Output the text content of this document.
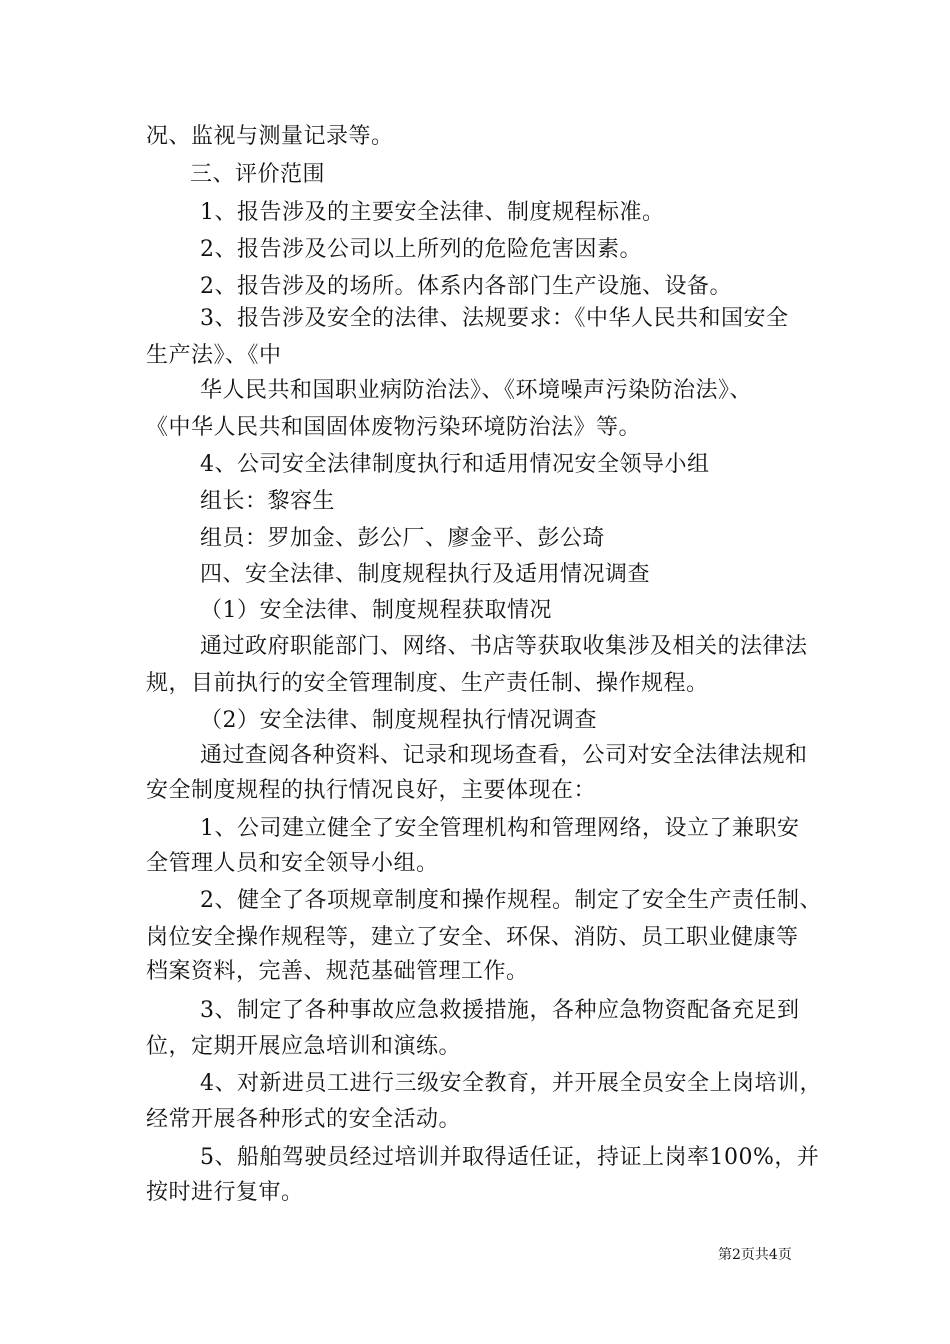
况、监视与测量记录等。
三、评价范围
1、报告涉及的主要安全法律、制度规程标准。
2、报告涉及公司以上所列的危险危害因素。
2、报告涉及的场所。体系内各部门生产设施、设备。
3、报告涉及安全的法律、法规要求：《中华人民共和国安全
生产法》、《中
华人民共和国职业病防治法》、《环境噪声污染防治法》、
《中华人民共和国固体废物污染环境防治法》等。
4、公司安全法律制度执行和适用情况安全领导小组
组长：黎容生
组员：罗加金、彭公厂、廖金平、彭公琦
四、安全法律、制度规程执行及适用情况调查
（1）安全法律、制度规程获取情况
通过政府职能部门、网络、书店等获取收集涉及相关的法律法
规，目前执行的安全管理制度、生产责任制、操作规程。
（2）安全法律、制度规程执行情况调查
通过查阅各种资料、记录和现场查看，公司对安全法律法规和
安全制度规程的执行情况良好，主要体现在：
1、公司建立健全了安全管理机构和管理网络，设立了兼职安
全管理人员和安全领导小组。
2、健全了各项规章制度和操作规程。制定了安全生产责任制、
岗位安全操作规程等，建立了安全、环保、消防、员工职业健康等
档案资料，完善、规范基础管理工作。
3、制定了各种事故应急救援措施，各种应急物资配备充足到
位，定期开展应急培训和演练。
4、对新进员工进行三级安全教育，并开展全员安全上岗培训，
经常开展各种形式的安全活动。
5、船舶驾驶员经过培训并取得适任证，持证上岗率100%，并
按时进行复审。
第2页共4页
